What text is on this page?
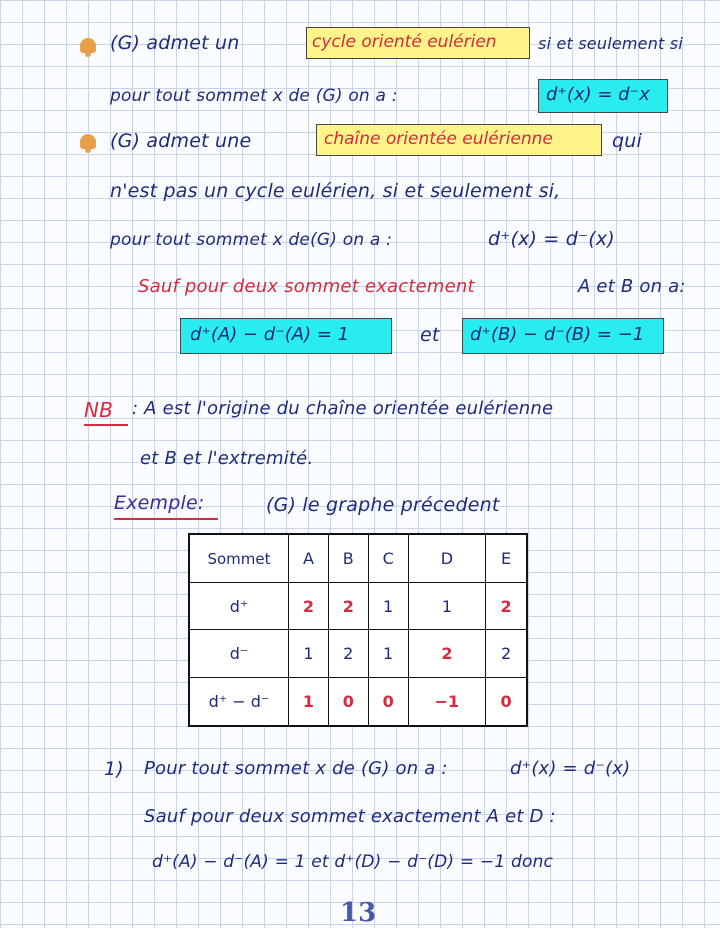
(G) admet un	cycle orienté eulérien	si et seulement si
pour tout sommet x de (G) on a :	d⁺(x) = d⁻x
(G) admet une	chaîne orientée eulérienne	qui
n'est pas un cycle eulérien, si et seulement si,
pour tout sommet x de(G) on a :	d⁺(x) = d⁻(x)
Sauf pour deux sommet exactement	A et B on a:
d⁺(A) − d⁻(A) = 1	et d⁺(B) − d⁻(B) = −1
NB : A est l'origine du chaîne orientée eulérienne
et B et l'extremité.
Exemple:	(G) le graphe précedent
Sommet	A	B	C	D	E
d⁺	2	2	1	1	2
d⁻	1	2	1	2	2
d⁺ − d⁻	1	0	0	−1	0
1) Pour tout sommet x de (G) on a :	d⁺(x) = d⁻(x)
Sauf pour deux sommet exactement A et D :
d⁺(A) − d⁻(A) = 1 et d⁺(D) − d⁻(D) = −1 donc
13
